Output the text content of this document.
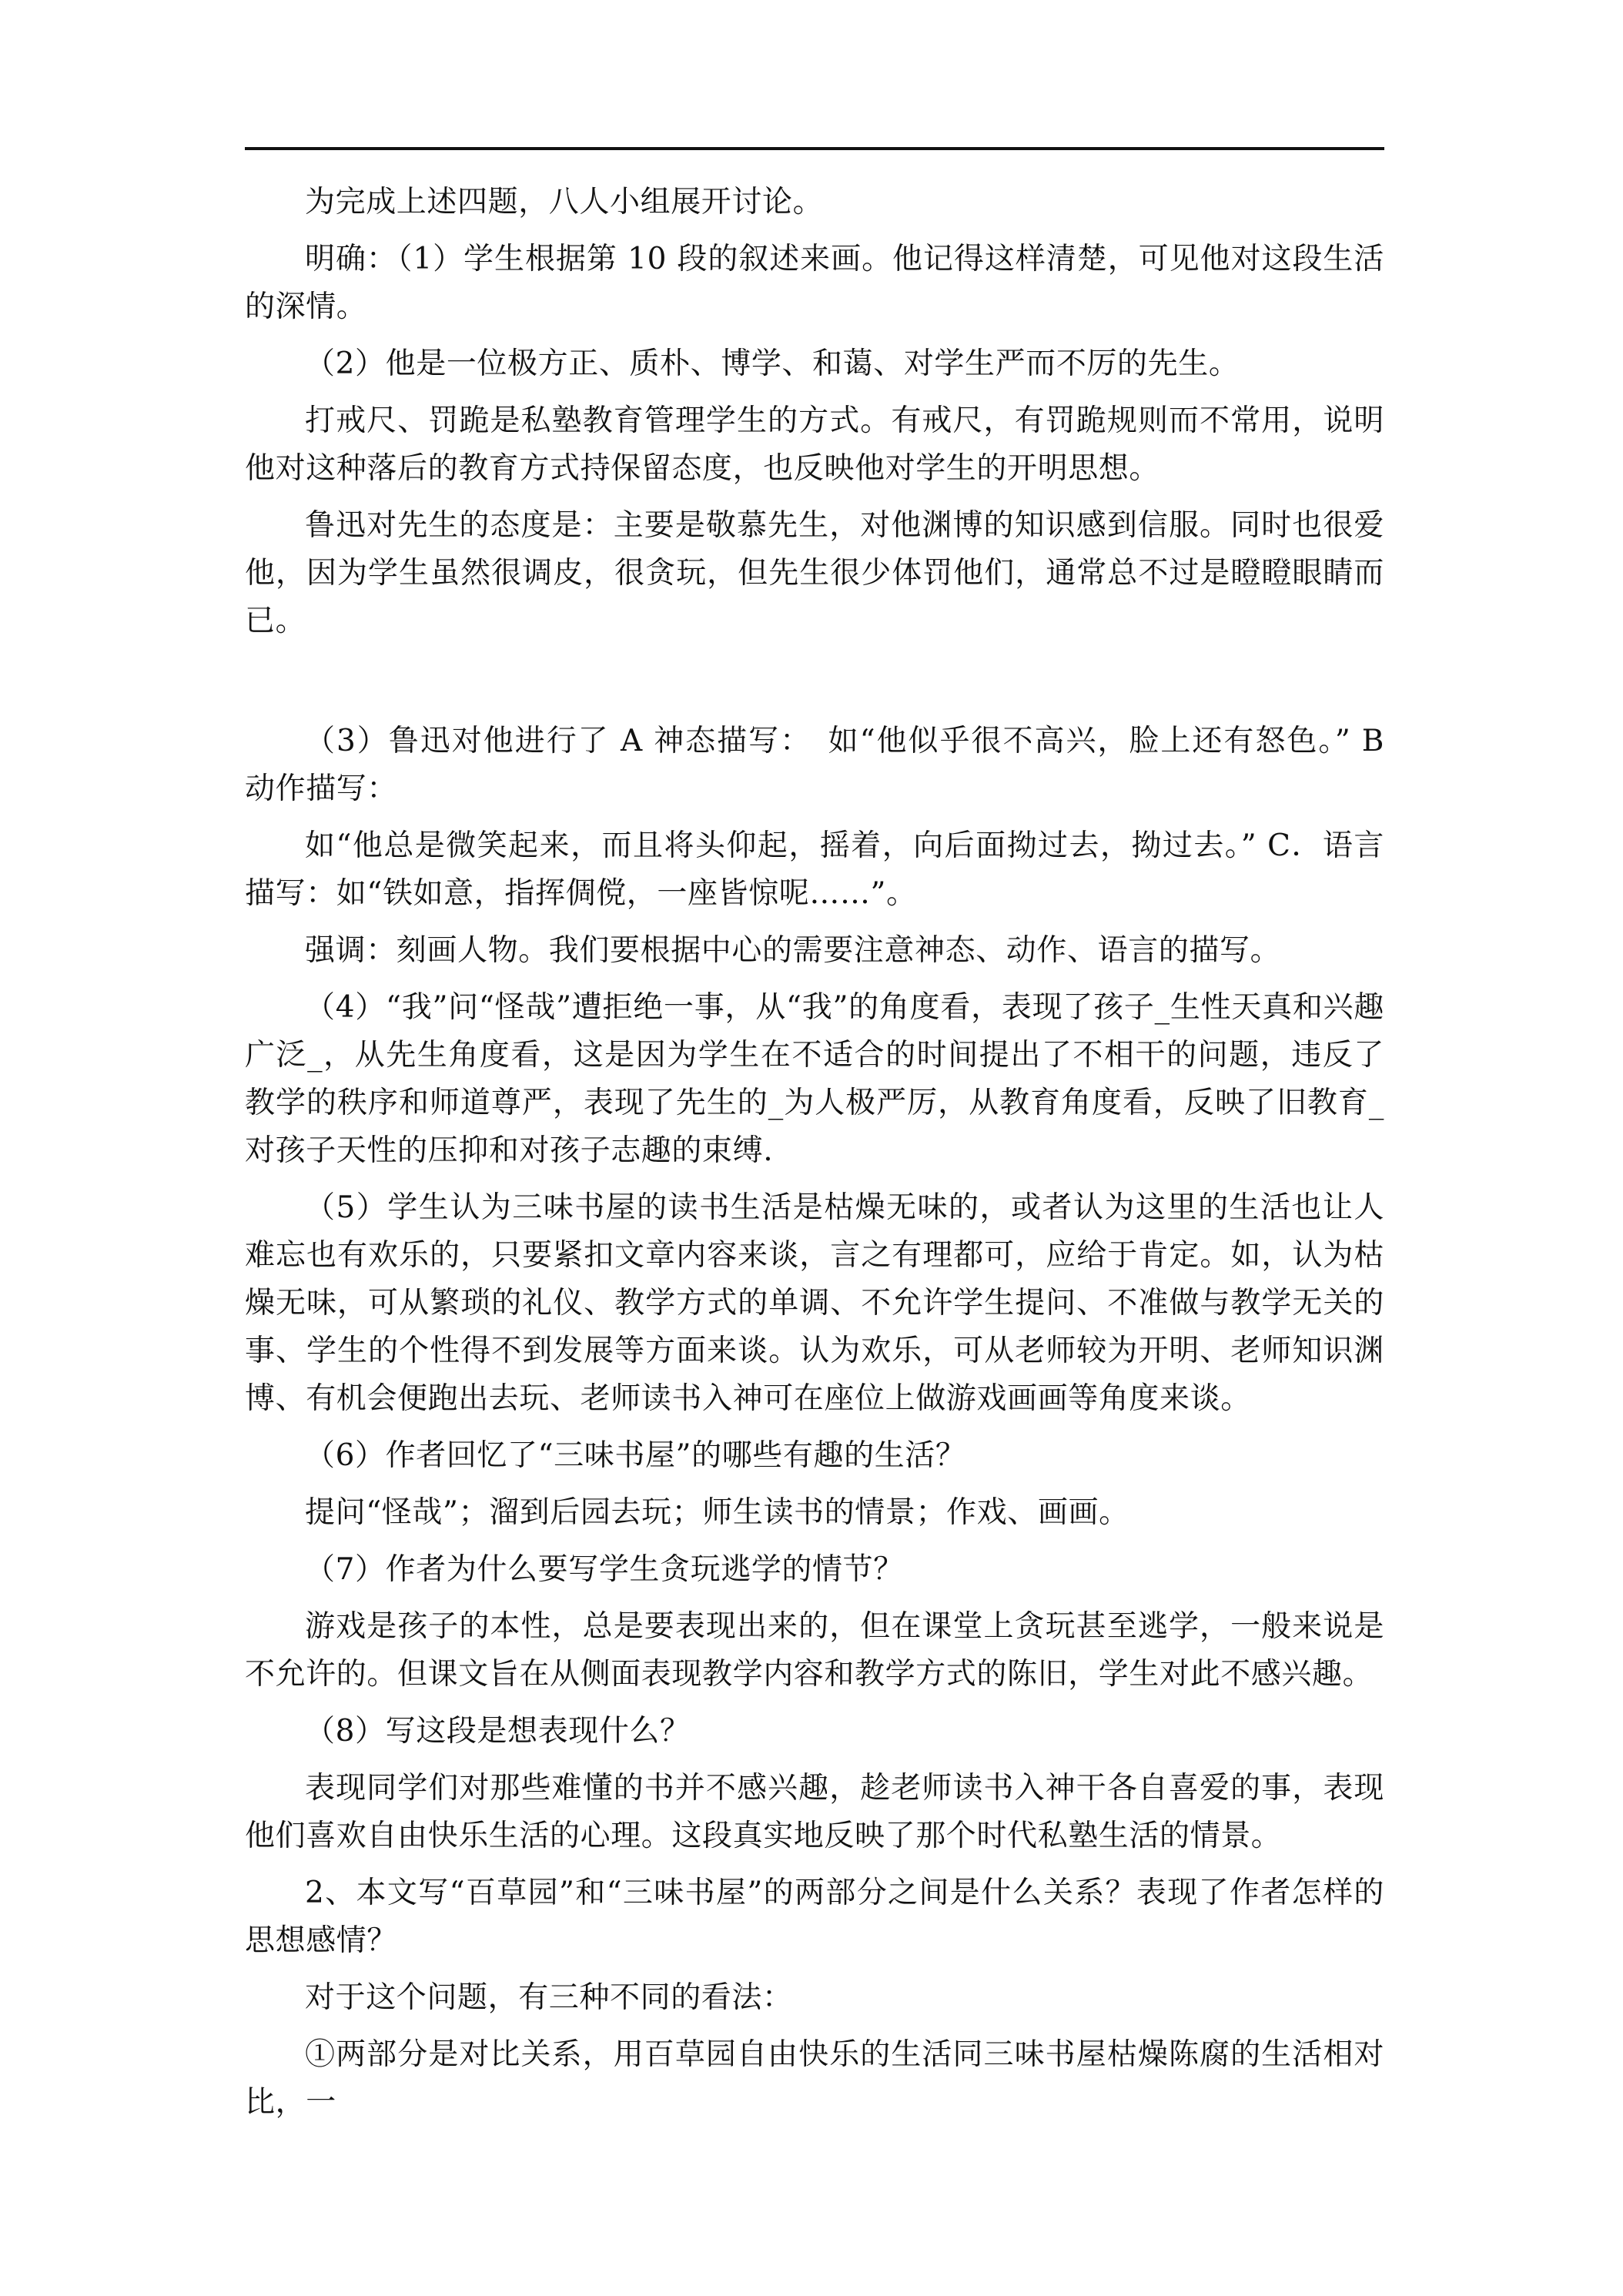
为完成上述四题，八人小组展开讨论。

明确：（1）学生根据第 10 段的叙述来画。他记得这样清楚，可见他对这段生活的深情。

（2）他是一位极方正、质朴、博学、和蔼、对学生严而不厉的先生。

打戒尺、罚跪是私塾教育管理学生的方式。有戒尺，有罚跪规则而不常用，说明他对这种落后的教育方式持保留态度，也反映他对学生的开明思想。

鲁迅对先生的态度是：主要是敬慕先生，对他渊博的知识感到信服。同时也很爱他，因为学生虽然很调皮，很贪玩，但先生很少体罚他们，通常总不过是瞪瞪眼睛而已。

（3）鲁迅对他进行了 A 神态描写：　如“他似乎很不高兴，脸上还有怒色。” B 动作描写：

如“他总是微笑起来，而且将头仰起，摇着，向后面拗过去，拗过去。” C．语言描写：如“铁如意，指挥倜傥，一座皆惊呢……”。

强调：刻画人物。我们要根据中心的需要注意神态、动作、语言的描写。

（4）“我”问“怪哉”遭拒绝一事，从“我”的角度看，表现了孩子_生性天真和兴趣广泛_，从先生角度看，这是因为学生在不适合的时间提出了不相干的问题，违反了教学的秩序和师道尊严，表现了先生的_为人极严厉，从教育角度看，反映了旧教育_对孩子天性的压抑和对孩子志趣的束缚.

（5）学生认为三味书屋的读书生活是枯燥无味的，或者认为这里的生活也让人难忘也有欢乐的，只要紧扣文章内容来谈，言之有理都可，应给于肯定。如，认为枯燥无味，可从繁琐的礼仪、教学方式的单调、不允许学生提问、不准做与教学无关的事、学生的个性得不到发展等方面来谈。认为欢乐，可从老师较为开明、老师知识渊博、有机会便跑出去玩、老师读书入神可在座位上做游戏画画等角度来谈。

（6）作者回忆了“三味书屋”的哪些有趣的生活？

提问“怪哉”；溜到后园去玩；师生读书的情景；作戏、画画。

（7）作者为什么要写学生贪玩逃学的情节？

游戏是孩子的本性，总是要表现出来的，但在课堂上贪玩甚至逃学，一般来说是不允许的。但课文旨在从侧面表现教学内容和教学方式的陈旧，学生对此不感兴趣。

（8）写这段是想表现什么？

表现同学们对那些难懂的书并不感兴趣，趁老师读书入神干各自喜爱的事，表现他们喜欢自由快乐生活的心理。这段真实地反映了那个时代私塾生活的情景。

2、本文写“百草园”和“三味书屋”的两部分之间是什么关系？表现了作者怎样的思想感情？

对于这个问题，有三种不同的看法：

①两部分是对比关系，用百草园自由快乐的生活同三味书屋枯燥陈腐的生活相对比，一
